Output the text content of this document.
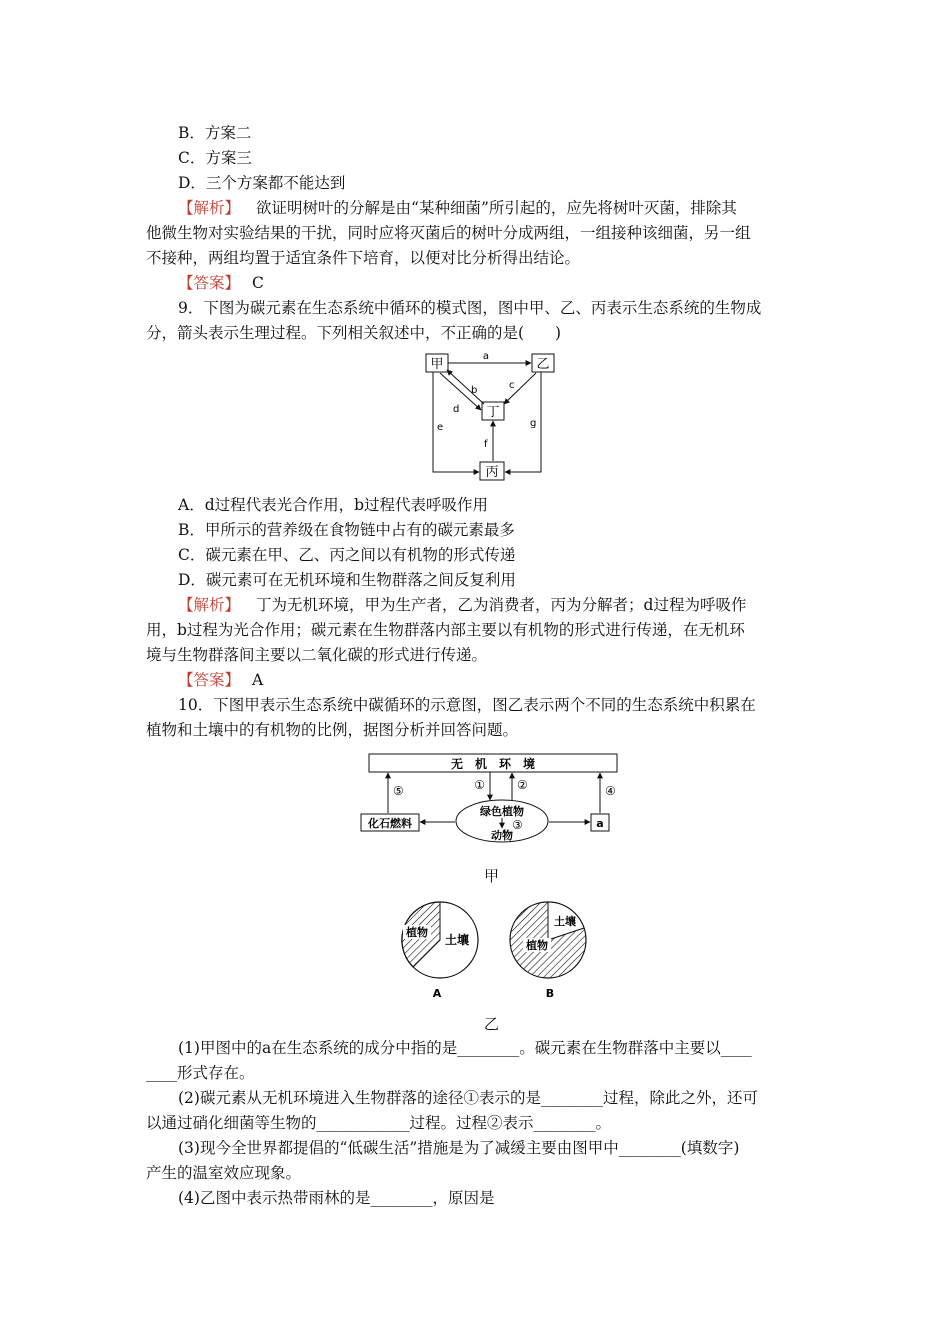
B．方案二
C．方案三
D．三个方案都不能达到
【解析】 欲证明树叶的分解是由“某种细菌”所引起的，应先将树叶灭菌，排除其
他微生物对实验结果的干扰，同时应将灭菌后的树叶分成两组，一组接种该细菌，另一组
不接种，两组均置于适宜条件下培育，以便对比分析得出结论。
【答案】 C
9．下图为碳元素在生态系统中循环的模式图，图中甲、乙、丙表示生态系统的生物成
分，箭头表示生理过程。下列相关叙述中，不正确的是(　　)
甲	乙
丁
丙
a
b
d
c
f
e	g
A．d过程代表光合作用，b过程代表呼吸作用
B．甲所示的营养级在食物链中占有的碳元素最多
C．碳元素在甲、乙、丙之间以有机物的形式传递
D．碳元素可在无机环境和生物群落之间反复利用
【解析】 丁为无机环境，甲为生产者，乙为消费者，丙为分解者；d过程为呼吸作
用，b过程为光合作用；碳元素在生物群落内部主要以有机物的形式进行传递，在无机环
境与生物群落间主要以二氧化碳的形式进行传递。
【答案】 A
10．下图甲表示生态系统中碳循环的示意图，图乙表示两个不同的生态系统中积累在
植物和土壤中的有机物的比例，据图分析并回答问题。
无　机　环　境
绿色植物
动物
③
①	②
化石燃料
⑤
a
④
甲
植物
土壤
A
土壤
植物
B
乙
(1)甲图中的a在生态系统的成分中指的是________。碳元素在生物群落中主要以____
____形式存在。
(2)碳元素从无机环境进入生物群落的途径①表示的是________过程，除此之外，还可
以通过硝化细菌等生物的____________过程。过程②表示________。
(3)现今全世界都提倡的“低碳生活”措施是为了减缓主要由图甲中________(填数字)
产生的温室效应现象。
(4)乙图中表示热带雨林的是________，原因是
